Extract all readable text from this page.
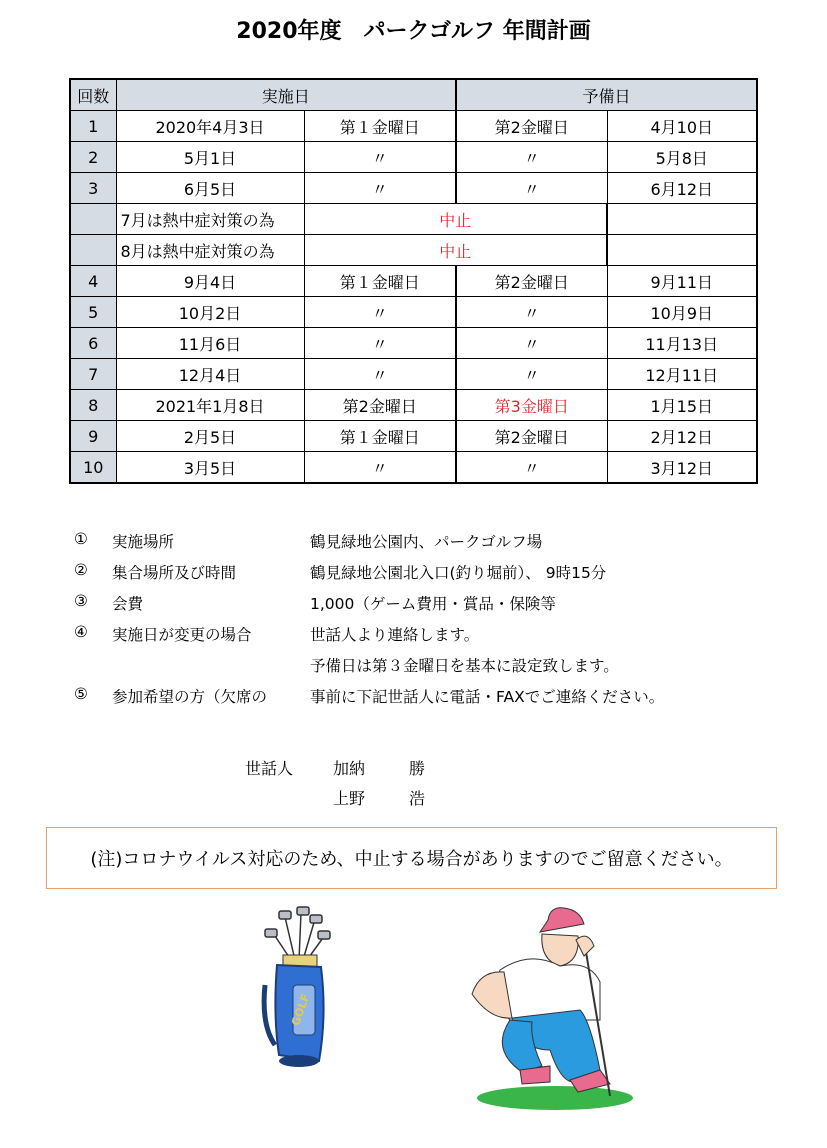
2020年度　パークゴルフ 年間計画
回数	実施日		予備日	
1	2020年4月3日	第１金曜日	第2金曜日	4月10日
2	5月1日	〃	〃	5月8日
3	6月5日	〃	〃	6月12日
	7月は熱中症対策の為	中止		
	8月は熱中症対策の為	中止		
4	9月4日	第１金曜日	第2金曜日	9月11日
5	10月2日	〃	〃	10月9日
6	11月6日	〃	〃	11月13日
7	12月4日	〃	〃	12月11日
8	2021年1月8日	第2金曜日	第3金曜日	1月15日
9	2月5日	第１金曜日	第2金曜日	2月12日
10	3月5日	〃	〃	3月12日
① 実施場所	鶴見緑地公園内、パークゴルフ場
② 集合場所及び時間	鶴見緑地公園北入口(釣り堀前）、 9時15分
③ 会費	1,000（ゲーム費用・賞品・保険等
④ 実施日が変更の場合	世話人より連絡します。
予備日は第３金曜日を基本に設定致します。
⑤ 参加希望の方（欠席の	事前に下記世話人に電話・FAXでご連絡ください。
世話人 加納	勝
上野	浩
(注)コロナウイルス対応のため、中止する場合がありますのでご留意ください。
GOLF
